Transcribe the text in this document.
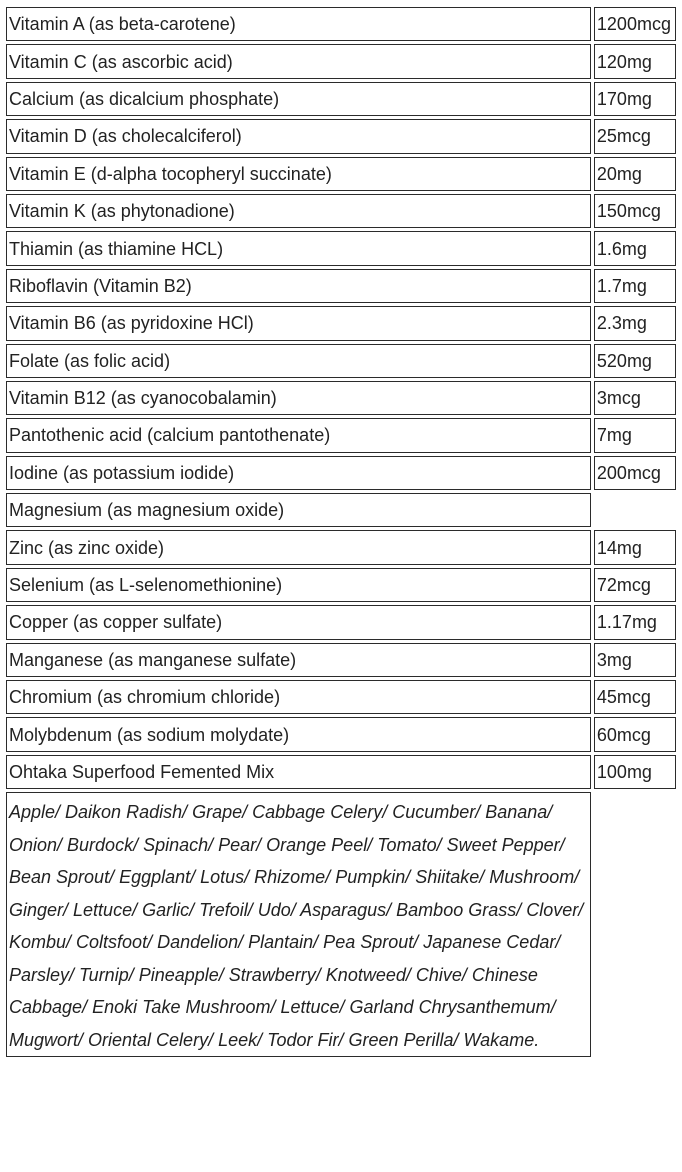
Vitamin A (as beta-carotene)	1200mcg
Vitamin C (as ascorbic acid)	120mg
Calcium (as dicalcium phosphate)	170mg
Vitamin D (as cholecalciferol)	25mcg
Vitamin E (d-alpha tocopheryl succinate)	20mg
Vitamin K (as phytonadione)	150mcg
Thiamin (as thiamine HCL)	1.6mg
Riboflavin (Vitamin B2)	1.7mg
Vitamin B6 (as pyridoxine HCl)	2.3mg
Folate (as folic acid)	520mg
Vitamin B12 (as cyanocobalamin)	3mcg
Pantothenic acid (calcium pantothenate)	7mg
Iodine (as potassium iodide)	200mcg
Magnesium (as magnesium oxide)	
Zinc (as zinc oxide)	14mg
Selenium (as L-selenomethionine)	72mcg
Copper (as copper sulfate)	1.17mg
Manganese (as manganese sulfate)	3mg
Chromium (as chromium chloride)	45mcg
Molybdenum (as sodium molydate)	60mcg
Ohtaka Superfood Femented Mix	100mg
Apple/ Daikon Radish/ Grape/ Cabbage Celery/ Cucumber/ Banana/ Onion/ Burdock/ Spinach/ Pear/ Orange Peel/ Tomato/ Sweet Pepper/ Bean Sprout/ Eggplant/ Lotus/ Rhizome/ Pumpkin/ Shiitake/ Mushroom/ Ginger/ Lettuce/ Garlic/ Trefoil/ Udo/ Asparagus/ Bamboo Grass/ Clover/ Kombu/ Coltsfoot/ Dandelion/ Plantain/ Pea Sprout/ Japanese Cedar/ Parsley/ Turnip/ Pineapple/ Strawberry/ Knotweed/ Chive/ Chinese Cabbage/ Enoki Take Mushroom/ Lettuce/ Garland Chrysanthemum/ Mugwort/ Oriental Celery/ Leek/ Todor Fir/ Green Perilla/ Wakame.	
